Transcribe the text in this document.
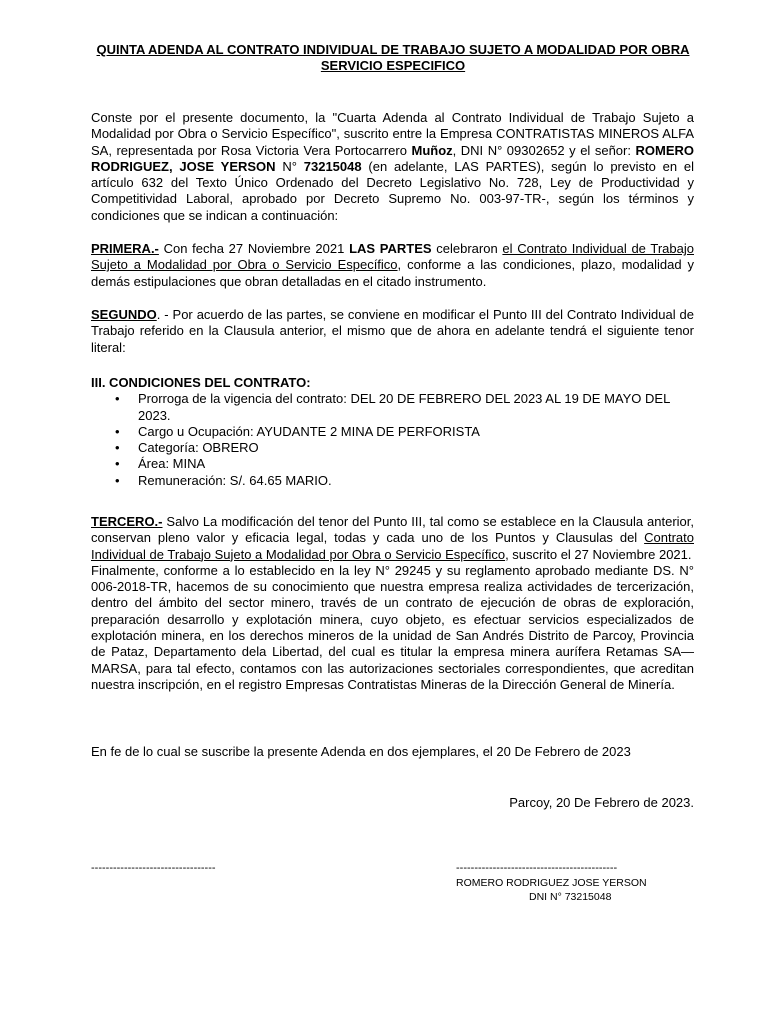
QUINTA ADENDA AL CONTRATO INDIVIDUAL DE TRABAJO SUJETO A MODALIDAD POR OBRA SERVICIO ESPECIFICO
Conste por el presente documento, la "Cuarta Adenda al Contrato Individual de Trabajo Sujeto a Modalidad por Obra o Servicio Específico", suscrito entre la Empresa CONTRATISTAS MINEROS ALFA SA, representada por Rosa Victoria Vera Portocarrero Muñoz, DNI N° 09302652 y el señor: ROMERO RODRIGUEZ, JOSE YERSON N° 73215048 (en adelante, LAS PARTES), según lo previsto en el artículo 632 del Texto Único Ordenado del Decreto Legislativo No. 728, Ley de Productividad y Competitividad Laboral, aprobado por Decreto Supremo No. 003-97-TR-, según los términos y condiciones que se indican a continuación:
PRIMERA.- Con fecha 27 Noviembre 2021 LAS PARTES celebraron el Contrato Individual de Trabajo Sujeto a Modalidad por Obra o Servicio Específico, conforme a las condiciones, plazo, modalidad y demás estipulaciones que obran detalladas en el citado instrumento.
SEGUNDO. - Por acuerdo de las partes, se conviene en modificar el Punto III del Contrato Individual de Trabajo referido en la Clausula anterior, el mismo que de ahora en adelante tendrá el siguiente tenor literal:
III. CONDICIONES DEL CONTRATO:
• Prorroga de la vigencia del contrato: DEL 20 DE FEBRERO DEL 2023 AL 19 DE MAYO DEL 2023.
• Cargo u Ocupación: AYUDANTE 2 MINA DE PERFORISTA
• Categoría: OBRERO
• Área: MINA
• Remuneración: S/. 64.65 MARIO.
TERCERO.- Salvo La modificación del tenor del Punto III, tal como se establece en la Clausula anterior, conservan pleno valor y eficacia legal, todas y cada uno de los Puntos y Clausulas del Contrato Individual de Trabajo Sujeto a Modalidad por Obra o Servicio Específico, suscrito el 27 Noviembre 2021.
Finalmente, conforme a lo establecido en la ley N° 29245 y su reglamento aprobado mediante DS. N° 006-2018-TR, hacemos de su conocimiento que nuestra empresa realiza actividades de tercerización, dentro del ámbito del sector minero, través de un contrato de ejecución de obras de exploración, preparación desarrollo y explotación minera, cuyo objeto, es efectuar servicios especializados de explotación minera, en los derechos mineros de la unidad de San Andrés Distrito de Parcoy, Provincia de Pataz, Departamento dela Libertad, del cual es titular la empresa minera aurífera Retamas SA— MARSA, para tal efecto, contamos con las autorizaciones sectoriales correspondientes, que acreditan nuestra inscripción, en el registro Empresas Contratistas Mineras de la Dirección General de Minería.
En fe de lo cual se suscribe la presente Adenda en dos ejemplares, el 20 De Febrero de 2023
Parcoy, 20 De Febrero de 2023.
----------------------------------	--------------------------------------------
ROMERO RODRIGUEZ JOSE YERSON
DNI N° 73215048
